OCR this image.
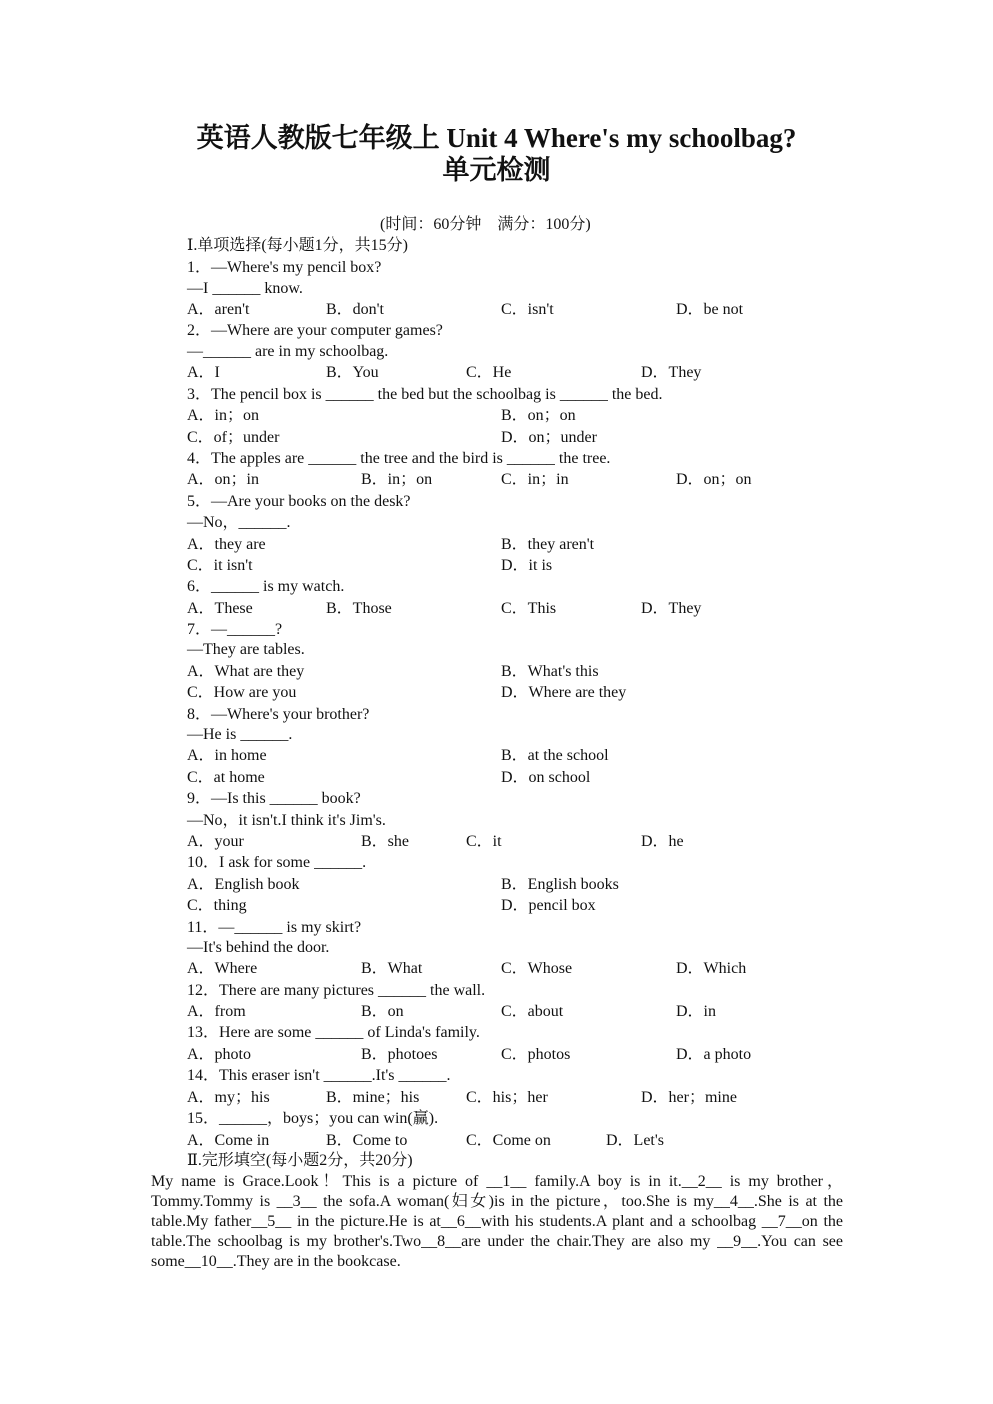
英语人教版七年级上 Unit 4 Where's my schoolbag?
单元检测
(时间：60分钟    满分：100分)
Ⅰ.单项选择(每小题1分，共15分)
1．—Where's my pencil box?
—I ______ know.
A．aren't	B．don't	C．isn't	D．be not
2．—Where are your computer games?
—______ are in my schoolbag.
A．I	B．You	C．He	D．They
3．The pencil box is ______ the bed but the schoolbag is ______ the bed.
A．in；on	B．on；on
C．of；under	D．on；under
4．The apples are ______ the tree and the bird is ______ the tree.
A．on；in	B．in；on	C．in；in	D．on；on
5．—Are your books on the desk?
—No，______.
A．they are	B．they aren't
C．it isn't	D．it is
6．______ is my watch.
A．These	B．Those	C．This	D．They
7．—______?
—They are tables.
A．What are they	B．What's this
C．How are you	D．Where are they
8．—Where's your brother?
—He is ______.
A．in home	B．at the school
C．at home	D．on school
9．—Is this ______ book?
—No，it isn't.I think it's Jim's.
A．your	B．she	C．it	D．he
10．I ask for some ______.
A．English book	B．English books
C．thing	D．pencil box
11．—______ is my skirt?
—It's behind the door.
A．Where	B．What	C．Whose	D．Which
12．There are many pictures ______ the wall.
A．from	B．on	C．about	D．in
13．Here are some ______ of Linda's family.
A．photo	B．photoes	C．photos	D．a photo
14．This eraser isn't ______.It's ______.
A．my；his	B．mine；his	C．his；her	D．her；mine
15．______，boys；you can win(赢).
A．Come in	B．Come to	C．Come on	D．Let's
Ⅱ.完形填空(每小题2分，共20分)
My name is Grace.Look！This is a picture of __1__ family.A boy is in it.__2__ is my brother，Tommy.Tommy is __3__ the sofa.A woman(妇女)is in the picture，too.She is my__4__.She is at the table.My father__5__ in the picture.He is at__6__with his students.A plant and a schoolbag __7__on the table.The schoolbag is my brother's.Two__8__are under the chair.They are also my __9__.You can see some__10__.They are in the bookcase.
